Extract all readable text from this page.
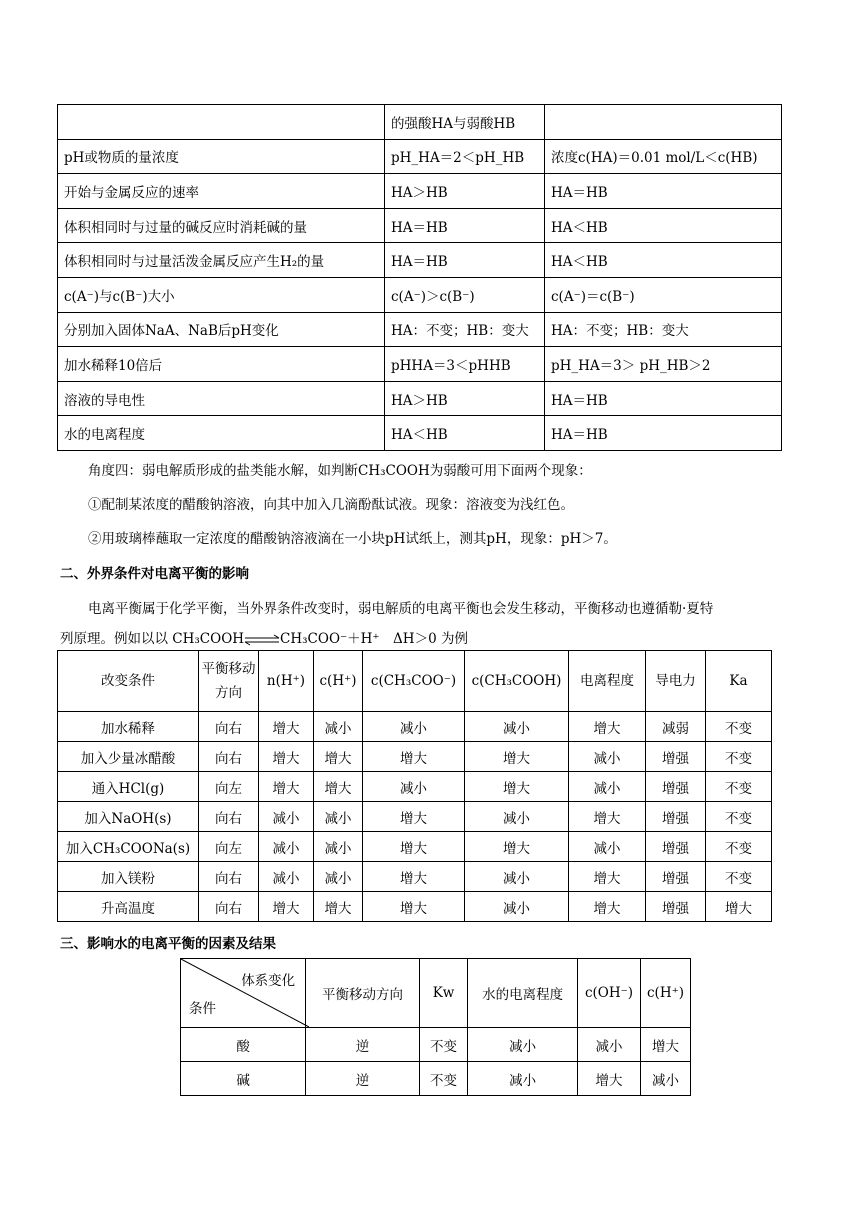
	的强酸HA与弱酸HB	
pH或物质的量浓度	pH_HA＝2＜pH_HB	浓度c(HA)＝0.01 mol/L＜c(HB)
开始与金属反应的速率	HA＞HB	HA＝HB
体积相同时与过量的碱反应时消耗碱的量	HA＝HB	HA＜HB
体积相同时与过量活泼金属反应产生H₂的量	HA＝HB	HA＜HB
c(A⁻)与c(B⁻)大小	c(A⁻)＞c(B⁻)	c(A⁻)＝c(B⁻)
分别加入固体NaA、NaB后pH变化	HA：不变；HB：变大	HA：不变；HB：变大
加水稀释10倍后	pHHA＝3＜pHHB	pH_HA＝3＞ pH_HB＞2
溶液的导电性	HA＞HB	HA＝HB
水的电离程度	HA＜HB	HA＝HB
角度四：弱电解质形成的盐类能水解，如判断CH₃COOH为弱酸可用下面两个现象：
①配制某浓度的醋酸钠溶液，向其中加入几滴酚酞试液。现象：溶液变为浅红色。
②用玻璃棒蘸取一定浓度的醋酸钠溶液滴在一小块pH试纸上，测其pH，现象：pH＞7。
二、外界条件对电离平衡的影响
电离平衡属于化学平衡，当外界条件改变时，弱电解质的电离平衡也会发生移动，平衡移动也遵循勒·夏特
列原理。例如以以 CH₃COOH⇌CH₃COO⁻＋H⁺　ΔH＞0 为例
改变条件	平衡移动方向	n(H⁺)	c(H⁺)	c(CH₃COO⁻)	c(CH₃COOH)	电离程度	导电力	Ka
加水稀释	向右	增大	减小	减小	减小	增大	减弱	不变
加入少量冰醋酸	向右	增大	增大	增大	增大	减小	增强	不变
通入HCl(g)	向左	增大	增大	减小	增大	减小	增强	不变
加入NaOH(s)	向右	减小	减小	增大	减小	增大	增强	不变
加入CH₃COONa(s)	向左	减小	减小	增大	增大	减小	增强	不变
加入镁粉	向右	减小	减小	增大	减小	增大	增强	不变
升高温度	向右	增大	增大	增大	减小	增大	增强	增大
三、影响水的电离平衡的因素及结果
体系变化
条件	平衡移动方向	Kw	水的电离程度	c(OH⁻)	c(H⁺)
酸	逆	不变	减小	减小	增大
碱	逆	不变	减小	增大	减小
